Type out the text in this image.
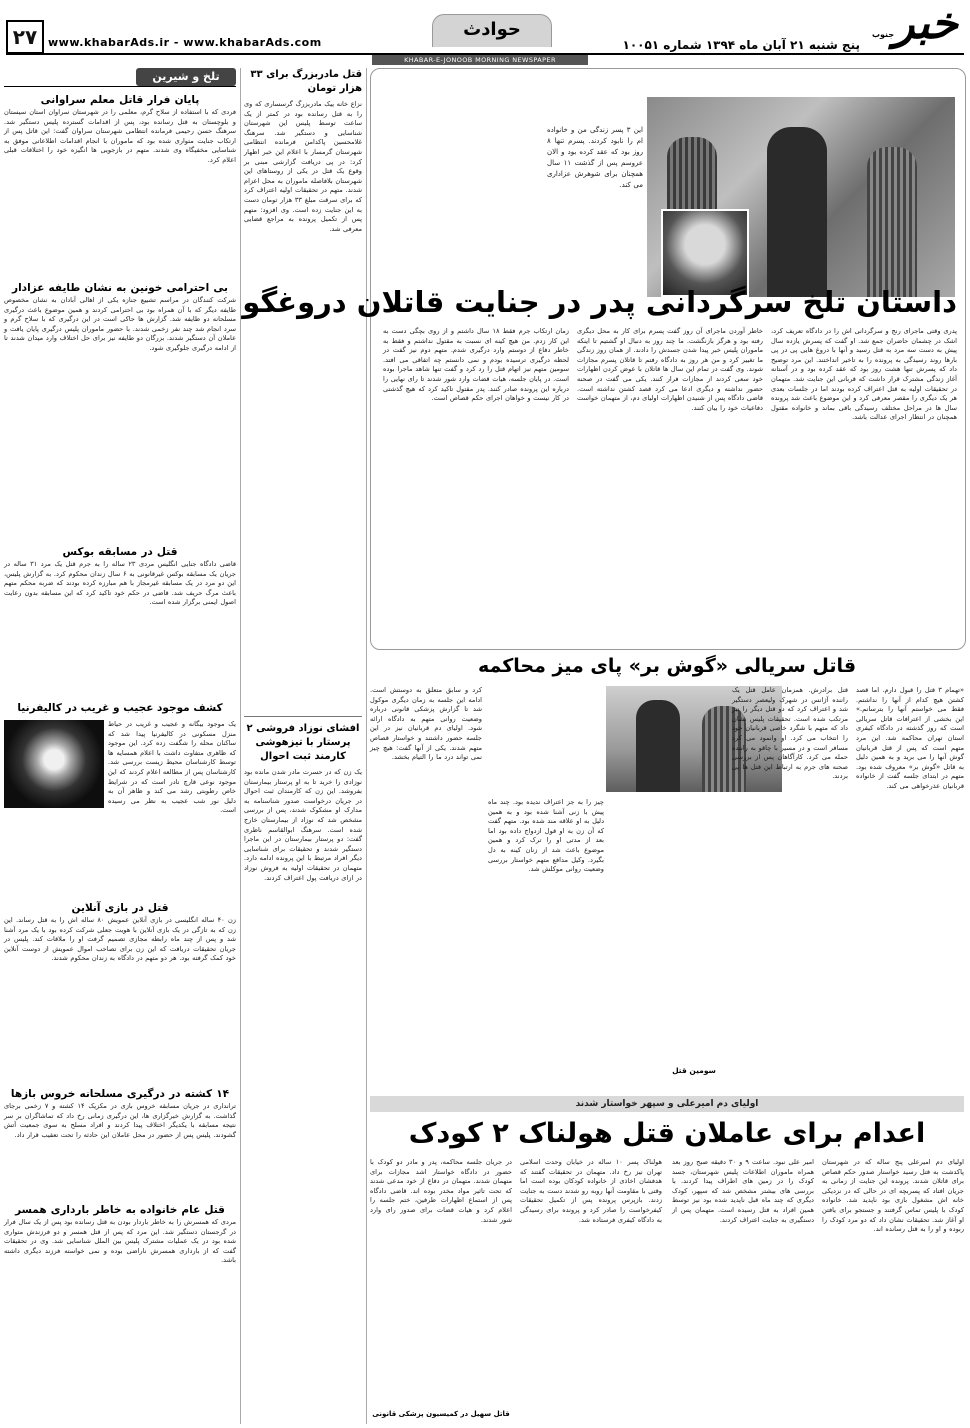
خبر
جنوب
پنج شنبه ۲۱ آبان ماه ۱۳۹۴ شماره ۱۰۰۵۱
حوادث
www.khabarAds.ir - www.khabarAds.com
۲۷
KHABAR-E-JONOOB MORNING NEWSPAPER
تلخ و شیرین
پایان فرار قاتل معلم سراوانی

فردی که با استفاده از سلاح گرم، معلمی را در شهرستان سراوان استان سیستان و بلوچستان به قتل رسانده بود، پس از اقدامات گسترده پلیس دستگیر شد. سرهنگ حسن رحیمی فرمانده انتظامی شهرستان سراوان گفت: این قاتل پس از ارتکاب جنایت متواری شده بود که ماموران با انجام اقدامات اطلاعاتی موفق به شناسایی مخفیگاه وی شدند. متهم در بازجویی ها انگیزه خود را اختلافات قبلی اعلام کرد.

بی احترامی خونین به نشان طایفه عزادار

شرکت کنندگان در مراسم تشییع جنازه یکی از اهالی آبادان به نشان مخصوص طایفه دیگر که با آن همراه بود بی احترامی کردند و همین موضوع باعث درگیری مسلحانه دو طایفه شد. گزارش ها حاکی است در این درگیری که با سلاح گرم و سرد انجام شد چند نفر زخمی شدند. با حضور ماموران پلیس درگیری پایان یافت و عاملان آن دستگیر شدند. بزرگان دو طایفه نیز برای حل اختلاف وارد میدان شدند تا از ادامه درگیری جلوگیری شود.

قتل در مسابقه بوکس

قاضی دادگاه جنایی انگلیس مردی ۲۳ ساله را به جرم قتل یک مرد ۳۱ ساله در جریان یک مسابقه بوکس غیرقانونی به ۶ سال زندان محکوم کرد. به گزارش پلیس، این دو مرد در یک مسابقه غیرمجاز با هم مبارزه کرده بودند که ضربه محکم متهم باعث مرگ حریف شد. قاضی در حکم خود تاکید کرد که این مسابقه بدون رعایت اصول ایمنی برگزار شده است.

کشف موجود عجیب و غریب در کالیفرنیا
یک موجود بیگانه و عجیب و غریب در حیاط منزل مسکونی در کالیفرنیا پیدا شد که ساکنان محله را شگفت زده کرد. این موجود که ظاهری متفاوت داشت با اعلام همسایه ها توسط کارشناسان محیط زیست بررسی شد. کارشناسان پس از مطالعه اعلام کردند که این موجود نوعی قارچ نادر است که در شرایط خاص رطوبتی رشد می کند و ظاهر آن به دلیل نور شب عجیب به نظر می رسیده است.
قتل در بازی آنلاین

زن ۴۰ ساله انگلیسی در بازی آنلاین عمویش ۸۰ ساله اش را به قتل رساند. این زن که به تازگی در یک بازی آنلاین با هویت جعلی شرکت کرده بود با یک مرد آشنا شد و پس از چند ماه رابطه مجازی تصمیم گرفت او را ملاقات کند. پلیس در جریان تحقیقات دریافت که این زن برای تصاحب اموال عمویش از دوست آنلاین خود کمک گرفته بود. هر دو متهم در دادگاه به زندان محکوم شدند.

۱۴ کشته در درگیری مسلحانه خروس بازها

ترانداری در جریان مسابقه خروس بازی در مکزیک ۱۴ کشته و ۷ زخمی برجای گذاشت. به گزارش خبرگزاری ها، این درگیری زمانی رخ داد که تماشاگران بر سر نتیجه مسابقه با یکدیگر اختلاف پیدا کردند و افراد مسلح به سوی جمعیت آتش گشودند. پلیس پس از حضور در محل عاملان این حادثه را تحت تعقیب قرار داد.

قتل عام خانواده به خاطر بارداری همسر

مردی که همسرش را به خاطر باردار بودن به قتل رسانده بود پس از یک سال فرار در گرجستان دستگیر شد. این مرد که پس از قتل همسر و دو فرزندش متواری شده بود در یک عملیات مشترک پلیس بین الملل شناسایی شد. وی در تحقیقات گفت که از بارداری همسرش ناراضی بوده و نمی خواسته فرزند دیگری داشته باشد.

قتل مادربزرگ برای ۳۳ هزار تومان
نزاع خانه ییک مادربزرگ گرسساری که وی را به قتل رسانده بود در کمتر از یک ساعت توسط پلیس این شهرستان شناسایی و دستگیر شد. سرهنگ غلامحسین پاکدامن فرمانده انتظامی شهرستان گرمسار با اعلام این خبر اظهار کرد: در پی دریافت گزارشی مبنی بر وقوع یک قتل در یکی از روستاهای این شهرستان بلافاصله ماموران به محل اعزام شدند. متهم در تحقیقات اولیه اعتراف کرد که برای سرقت مبلغ ۳۳ هزار تومان دست به این جنایت زده است. وی افزود: متهم پس از تکمیل پرونده به مراجع قضایی معرفی شد.
افشای نوزاد فروشی ۲ پرستار با تیزهوشی کارمند ثبت احوال
یک زن که در حسرت مادر شدن مانده بود نوزادی را خرید تا به او پرستار بیمارستان بفروشد. این زن که کارمندان ثبت احوال در جریان درخواست صدور شناسنامه به مدارک او مشکوک شدند، پس از بررسی مشخص شد که نوزاد از بیمارستان خارج شده است. سرهنگ ابوالقاسم ناظری گفت: دو پرستار بیمارستان در این ماجرا دستگیر شدند و تحقیقات برای شناسایی دیگر افراد مرتبط با این پرونده ادامه دارد. متهمان در تحقیقات اولیه به فروش نوزاد در ازای دریافت پول اعتراف کردند.
این ۳ پسر زندگی من و خانواده ام را نابود کردند. پسرم تنها ۸ روز بود که عقد کرده بود و الان عروسم پس از گذشت ۱۱ سال همچنان برای شوهرش عزاداری می کند.
داستان تلخ سرگردانی پدر در جنایت قاتلان دروغگو
پدری وقتی ماجرای رنج و سرگردانی اش را در دادگاه تعریف کرد، اشک در چشمان حاضران جمع شد. او گفت که پسرش یازده سال پیش به دست سه مرد به قتل رسید و آنها با دروغ هایی پی در پی بارها روند رسیدگی به پرونده را به تاخیر انداختند. این مرد توضیح داد که پسرش تنها هشت روز بود که عقد کرده بود و در آستانه آغاز زندگی مشترک قرار داشت که قربانی این جنایت شد. متهمان در تحقیقات اولیه به قتل اعتراف کرده بودند اما در جلسات بعدی هر یک دیگری را مقصر معرفی کرد و این موضوع باعث شد پرونده سال ها در مراحل مختلف رسیدگی باقی بماند و خانواده مقتول همچنان در انتظار اجرای عدالت باشد.
خاطر آوردن ماجرای آن روز گفت پسرم برای کار به محل دیگری رفته بود و هرگز بازنگشت. ما چند روز به دنبال او گشتیم تا اینکه ماموران پلیس خبر پیدا شدن جسدش را دادند. از همان روز زندگی ما تغییر کرد و من هر روز به دادگاه رفتم تا قاتلان پسرم مجازات شوند. وی گفت در تمام این سال ها قاتلان با عوض کردن اظهارات خود سعی کردند از مجازات فرار کنند. یکی می گفت در صحنه حضور نداشته و دیگری ادعا می کرد قصد کشتن نداشته است. قاضی دادگاه پس از شنیدن اظهارات اولیای دم، از متهمان خواست دفاعیات خود را بیان کنند.
زمان ارتکاب جرم فقط ۱۸ سال داشتم و از روی بچگی دست به این کار زدم. من هیچ کینه ای نسبت به مقتول نداشتم و فقط به خاطر دفاع از دوستم وارد درگیری شدم. متهم دوم نیز گفت در لحظه درگیری ترسیده بودم و نمی دانستم چه اتفاقی می افتد. سومین متهم نیز اتهام قتل را رد کرد و گفت تنها شاهد ماجرا بوده است. در پایان جلسه، هیات قضات وارد شور شدند تا رای نهایی را درباره این پرونده صادر کنند. پدر مقتول تاکید کرد که هیچ گذشتی در کار نیست و خواهان اجرای حکم قصاص است.
قاتل سریالی «گوش بر» پای میز محاکمه
«تهمام ۳ قتل را قبول دارم. اما قصد کشتن هیچ کدام از آنها را نداشتم. فقط می خواستم آنها را بترسانم.» این بخشی از اعترافات قاتل سریالی است که روز گذشته در دادگاه کیفری استان تهران محاکمه شد. این مرد متهم است که پس از قتل قربانیان گوش آنها را می برید و به همین دلیل به قاتل «گوش بر» معروف شده بود. متهم در ابتدای جلسه گفت از خانواده قربانیان عذرخواهی می کند.
قتل برادرش. همزمان عامل قتل یک راننده آژانس در شهرک ولیعصر دستگیر شد و اعتراف کرد که دو قتل دیگر را نیز مرتکب شده است. تحقیقات پلیس نشان داد که متهم با شگرد خاصی قربانیان خود را انتخاب می کرد. او وانمود می کرد مسافر است و در مسیر با چاقو به راننده حمله می کرد. کارآگاهان پس از بررسی صحنه های جرم به ارتباط این قتل ها پی بردند.
چیز را به جز اعتراف ندیده بود. چند ماه پیش با زنی آشنا شده بود و به همین دلیل به او علاقه مند شده بود. متهم گفت که آن زن به او قول ازدواج داده بود اما بعد از مدتی او را ترک کرد و همین موضوع باعث شد از زنان کینه به دل بگیرد. وکیل مدافع متهم خواستار بررسی وضعیت روانی موکلش شد.
کرد و سابق متعلق به دوستش است. ادامه این جلسه به زمان دیگری موکول شد تا گزارش پزشکی قانونی درباره وضعیت روانی متهم به دادگاه ارائه شود. اولیای دم قربانیان نیز در این جلسه حضور داشتند و خواستار قصاص متهم شدند. یکی از آنها گفت: هیچ چیز نمی تواند درد ما را التیام بخشد.
سومین قتل
اولیای دم امیرعلی و سپهر خواستار شدند
اعدام برای عاملان قتل هولناک ۲ کودک
اولیای دم امیرعلی پنج ساله که در شهرستان پاکدشت به قتل رسید خواستار صدور حکم قصاص برای قاتلان شدند. پرونده این جنایت از زمانی به جریان افتاد که پسربچه ای در حالی که در نزدیکی خانه اش مشغول بازی بود ناپدید شد. خانواده کودک با پلیس تماس گرفتند و جستجو برای یافتن او آغاز شد. تحقیقات نشان داد که دو مرد کودک را ربوده و او را به قتل رسانده اند.
امیر علی نبود. ساعت ۹ و ۳۰ دقیقه صبح روز بعد همراه ماموران اطلاعات پلیس شهرستان، جسد کودک را در زمین های اطراف پیدا کردند. با بررسی های بیشتر مشخص شد که سپهر، کودک دیگری که چند ماه قبل ناپدید شده بود نیز توسط همین افراد به قتل رسیده است. متهمان پس از دستگیری به جنایت اعتراف کردند.
هولناک پسر ۱۰ ساله در خیابان وحدت اسلامی تهران نیز رخ داد. متهمان در تحقیقات گفتند که هدفشان اخاذی از خانواده کودکان بوده است اما وقتی با مقاومت آنها روبه رو شدند دست به جنایت زدند. بازپرس پرونده پس از تکمیل تحقیقات کیفرخواست را صادر کرد و پرونده برای رسیدگی به دادگاه کیفری فرستاده شد.
در جریان جلسه محاکمه، پدر و مادر دو کودک با حضور در دادگاه خواستار اشد مجازات برای متهمان شدند. متهمان در دفاع از خود مدعی شدند که تحت تاثیر مواد مخدر بوده اند. قاضی دادگاه پس از استماع اظهارات طرفین، ختم جلسه را اعلام کرد و هیات قضات برای صدور رای وارد شور شدند.
قاتل سهیل در کمیسیون پزشکی قانونی
